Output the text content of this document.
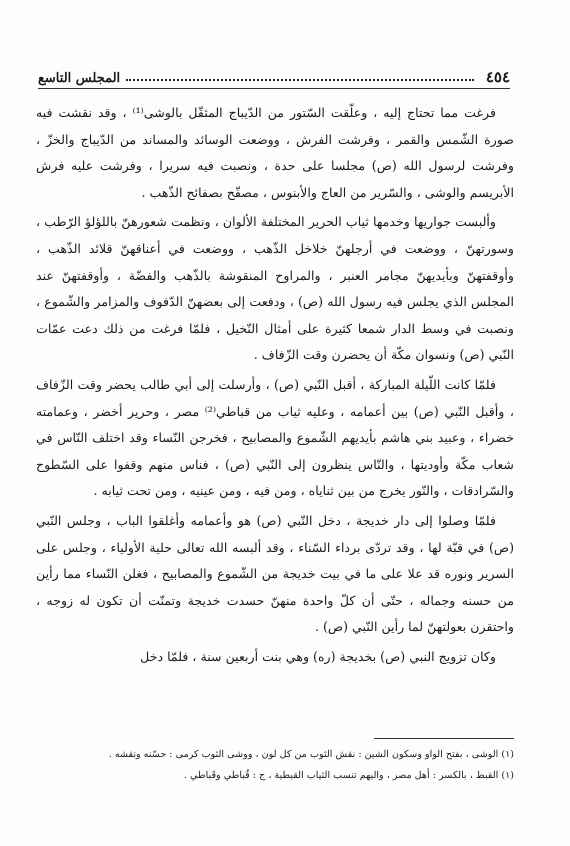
٤٥٤
المجلس التاسع

فرغت مما تحتاج إليه ، وعلّقت السّتور من الدّيباج المثقّل بالوشى⁽¹⁾ ، وقد نقشت فيه صورة الشّمس والقمر ، وفرشت الفرش ، ووضعت الوسائد والمساند من الدّيباج والخزّ ، وفرشت لرسول الله (ص) مجلسا على حدة ، ونصبت فيه سريرا ، وفرشت عليه فرش الأبريسم والوشى ، والسّرير من العاج والأبنوس ، مصفّح بصفائح الذّهب .

وألبست جواريها وخدمها ثياب الحرير المختلفة الألوان ، ونظمت شعورهنّ باللؤلؤ الرّطب ، وسورتهنّ ، ووضعت في أرجلهنّ خلاخل الذّهب ، ووضعت في أعناقهنّ قلائد الذّهب ، وأوقفتهنّ وبأيديهنّ مجامر العنبر ، والمراوح المنقوشة بالذّهب والفضّة ، وأوقفتهنّ عند المجلس الذي يجلس فيه رسول الله (ص) ، ودفعت إلى بعضهنّ الدّفوف والمزامر والشّموع ، ونصبت في وسط الدار شمعا كثيرة على أمثال النّخيل ، فلمّا فرغت من ذلك دعت عمّات النّبي (ص) ونسوان مكّة أن يحضرن وقت الزّفاف .

فلمّا كانت اللّيلة المباركة ، أقبل النّبي (ص) ، وأرسلت إلى أبي طالب يحضر وقت الزّفاف ، وأقبل النّبي (ص) بين أعمامه ، وعليه ثياب من قباطي⁽²⁾ مصر ، وحرير أخضر ، وعمامته خضراء ، وعبيد بني هاشم بأيديهم الشّموع والمصابيح ، فخرجن النّساء وقد اختلف النّاس في شعاب مكّة وأوديتها ، والنّاس ينظرون إلى النّبي (ص) ، فناس منهم وقفوا على السّطوح والسّرادقات ، والنّور يخرج من بين ثناياه ، ومن فيه ، ومن عينيه ، ومن تحت ثيابه .

فلمّا وصلوا إلى دار خديجة ، دخل النّبي (ص) هو وأعمامه وأغلقوا الباب ، وجلس النّبي (ص) في قبّة لها ، وقد تردّى برداء السّناء ، وقد ألبسه الله تعالى حلية الأولياء ، وجلس على السرير ونوره قد علا على ما في بيت خديجة من الشّموع والمصابيح ، فغلن النّساء مما رأين من حسنه وجماله ، حتّى أن كلّ واحدة منهنّ حسدت خديجة وتمنّت أن تكون له زوجه ، واحتقرن بعولتهنّ لما رأين النّبي (ص) .

وكان تزويج النبي (ص) بخديجة (ره) وهي بنت أربعين سنة ، فلمّا دخل

(١) الوشى ، بفتح الواو وسكون الشين : نقش الثوب من كل لون ، ووشى الثوب كرمى : حسّنه ونقشه .

(١) القبط ، بالكسر : أهل مصر ، واليهم تنسب الثياب القبطية ، ج : قُباطي وقَباطي .
